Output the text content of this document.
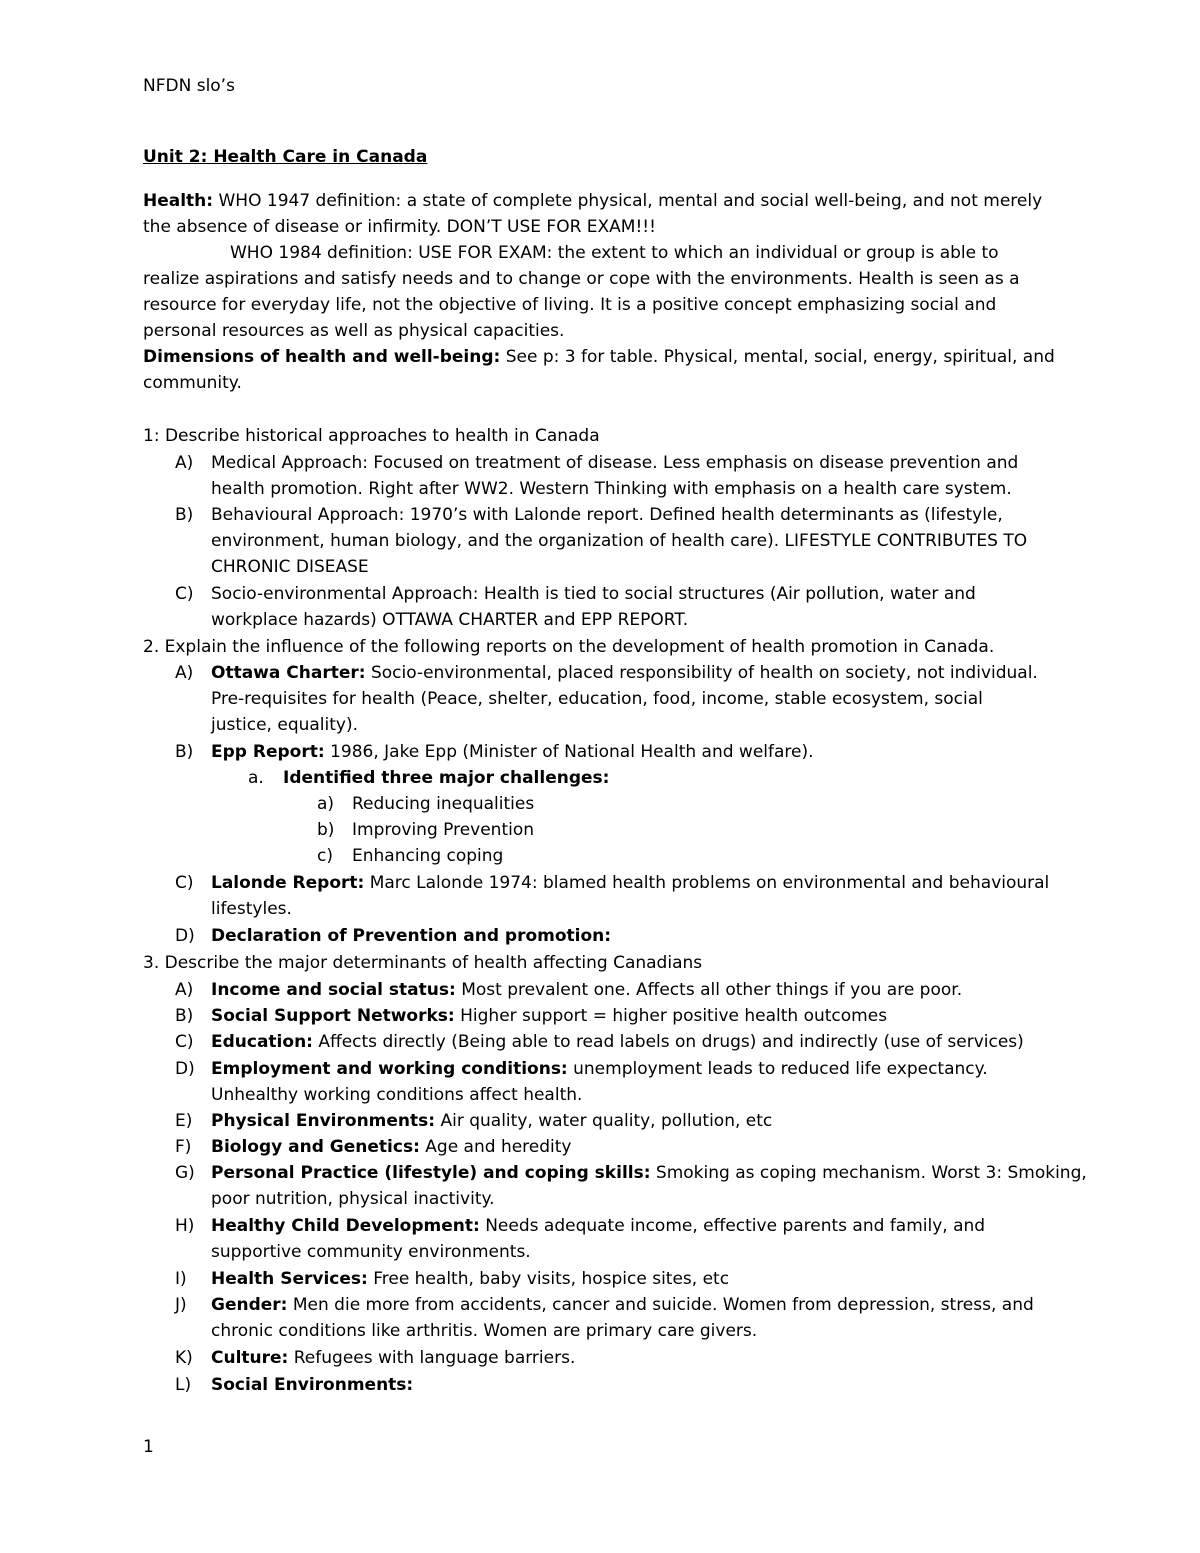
NFDN slo’s
Unit 2: Health Care in Canada
Health: WHO 1947 definition: a state of complete physical, mental and social well-being, and not merely
the absence of disease or infirmity. DON’T USE FOR EXAM!!!
WHO 1984 definition: USE FOR EXAM: the extent to which an individual or group is able to
realize aspirations and satisfy needs and to change or cope with the environments. Health is seen as a
resource for everyday life, not the objective of living. It is a positive concept emphasizing social and
personal resources as well as physical capacities.
Dimensions of health and well-being: See p: 3 for table. Physical, mental, social, energy, spiritual, and
community.
1: Describe historical approaches to health in Canada
A) Medical Approach: Focused on treatment of disease. Less emphasis on disease prevention and
health promotion. Right after WW2. Western Thinking with emphasis on a health care system.
B) Behavioural Approach: 1970’s with Lalonde report. Defined health determinants as (lifestyle,
environment, human biology, and the organization of health care). LIFESTYLE CONTRIBUTES TO
CHRONIC DISEASE
C) Socio-environmental Approach: Health is tied to social structures (Air pollution, water and
workplace hazards) OTTAWA CHARTER and EPP REPORT.
2. Explain the influence of the following reports on the development of health promotion in Canada.
A) Ottawa Charter: Socio-environmental, placed responsibility of health on society, not individual.
Pre-requisites for health (Peace, shelter, education, food, income, stable ecosystem, social
justice, equality).
B) Epp Report: 1986, Jake Epp (Minister of National Health and welfare).
a. Identified three major challenges:
a) Reducing inequalities
b) Improving Prevention
c) Enhancing coping
C) Lalonde Report: Marc Lalonde 1974: blamed health problems on environmental and behavioural
lifestyles.
D) Declaration of Prevention and promotion:
3. Describe the major determinants of health affecting Canadians
A) Income and social status: Most prevalent one. Affects all other things if you are poor.
B) Social Support Networks: Higher support = higher positive health outcomes
C) Education: Affects directly (Being able to read labels on drugs) and indirectly (use of services)
D) Employment and working conditions: unemployment leads to reduced life expectancy.
Unhealthy working conditions affect health.
E) Physical Environments: Air quality, water quality, pollution, etc
F) Biology and Genetics: Age and heredity
G) Personal Practice (lifestyle) and coping skills: Smoking as coping mechanism. Worst 3: Smoking,
poor nutrition, physical inactivity.
H) Healthy Child Development: Needs adequate income, effective parents and family, and
supportive community environments.
I) Health Services: Free health, baby visits, hospice sites, etc
J) Gender: Men die more from accidents, cancer and suicide. Women from depression, stress, and
chronic conditions like arthritis. Women are primary care givers.
K) Culture: Refugees with language barriers.
L) Social Environments:
1
